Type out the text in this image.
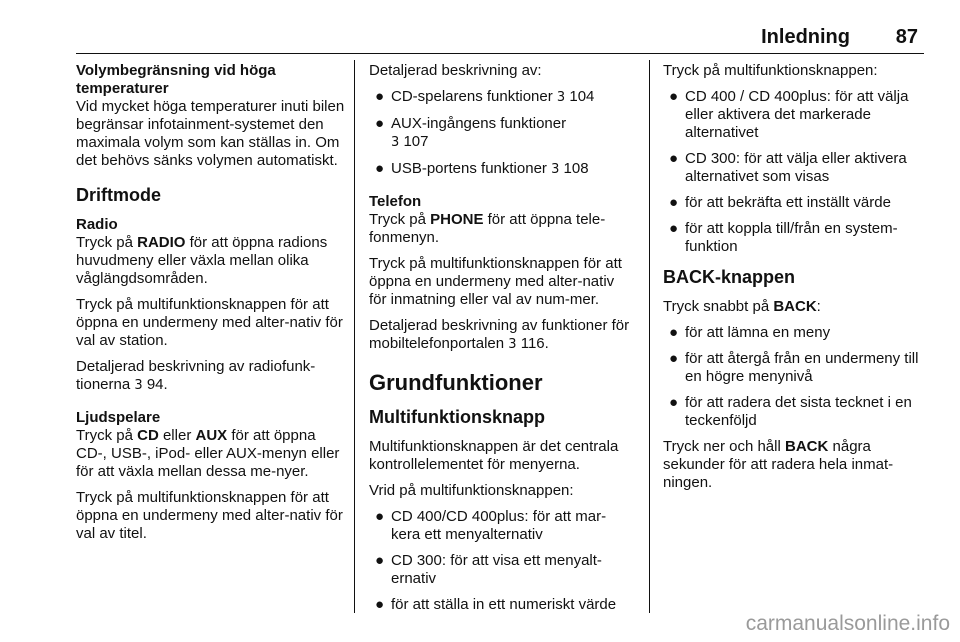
Inledning 87

Volymbegränsning vid höga temperaturer

Vid mycket höga temperaturer inuti bilen begränsar infotainment-systemet den maximala volym som kan ställas in. Om det behövs sänks volymen automatiskt.

Driftmode

Radio

Tryck på RADIO för att öppna radions huvudmeny eller växla mellan olika våglängdsområden.

Tryck på multifunktionsknappen för att öppna en undermeny med alter-nativ för val av station.

Detaljerad beskrivning av radiofunk-tionerna 3 94.

Ljudspelare

Tryck på CD eller AUX för att öppna CD-, USB-, iPod- eller AUX-menyn eller för att växla mellan dessa me-nyer.

Tryck på multifunktionsknappen för att öppna en undermeny med alter-nativ för val av titel.

Detaljerad beskrivning av:

● CD-spelarens funktioner 3 104
● AUX-ingångens funktioner
3 107
● USB-portens funktioner 3 108

Telefon

Tryck på PHONE för att öppna tele-fonmenyn.

Tryck på multifunktionsknappen för att öppna en undermeny med alter-nativ för inmatning eller val av num-mer.

Detaljerad beskrivning av funktioner för mobiltelefonportalen 3 116.

Grundfunktioner

Multifunktionsknapp

Multifunktionsknappen är det centrala kontrollelementet för menyerna.

Vrid på multifunktionsknappen:

● CD 400/CD 400plus: för att mar-kera ett menyalternativ
● CD 300: för att visa ett menyalt-ernativ
● för att ställa in ett numeriskt värde

Tryck på multifunktionsknappen:

● CD 400 / CD 400plus: för att välja eller aktivera det markerade alternativet
● CD 300: för att välja eller aktivera alternativet som visas
● för att bekräfta ett inställt värde
● för att koppla till/från en system-funktion

BACK-knappen

Tryck snabbt på BACK:

● för att lämna en meny
● för att återgå från en undermeny till en högre menynivå
● för att radera det sista tecknet i en teckenföljd

Tryck ner och håll BACK några sekunder för att radera hela inmat-ningen.

carmanualsonline.info
